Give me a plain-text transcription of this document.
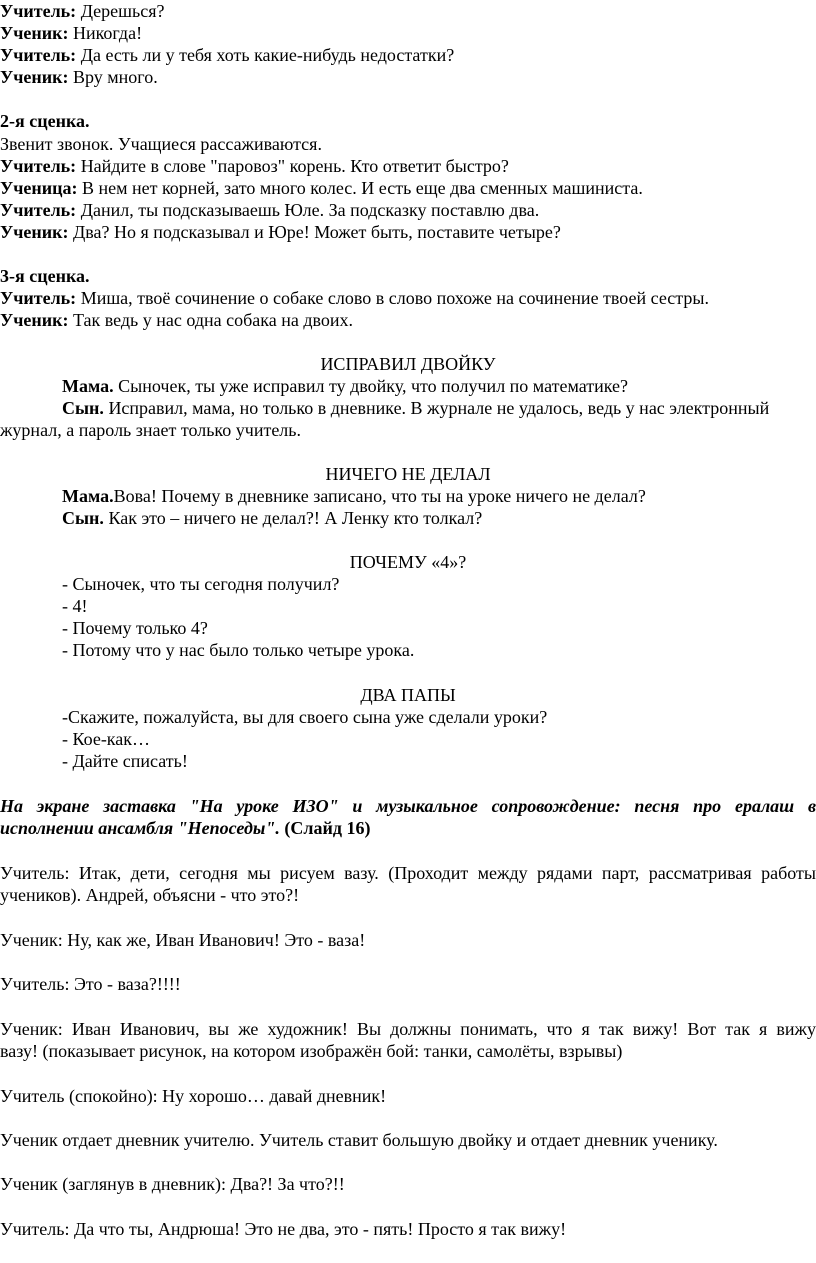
Учитель: Дерешься?
Ученик: Никогда!
Учитель: Да есть ли у тебя хоть какие-нибудь недостатки?
Ученик: Вру много.
2-я сценка.
Звенит звонок. Учащиеся рассаживаются.
Учитель: Найдите в слове "паровоз" корень. Кто ответит быстро?
Ученица: В нем нет корней, зато много колес. И есть еще два сменных машиниста.
Учитель: Данил, ты подсказываешь Юле. За подсказку поставлю два.
Ученик: Два? Но я подсказывал и Юре! Может быть, поставите четыре?
3-я сценка.
Учитель: Миша, твоё сочинение о собаке слово в слово похоже на сочинение твоей сестры.
Ученик: Так ведь у нас одна собака на двоих.
ИСПРАВИЛ ДВОЙКУ
Мама. Сыночек, ты уже исправил ту двойку, что получил по математике?
Сын. Исправил, мама, но только в дневнике. В журнале не удалось, ведь у нас электронный
журнал, а пароль знает только учитель.
НИЧЕГО НЕ ДЕЛАЛ
Мама.Вова! Почему в дневнике записано, что ты на уроке ничего не делал?
Сын. Как это – ничего не делал?! А Ленку кто толкал?
ПОЧЕМУ «4»?
- Сыночек, что ты сегодня получил?
- 4!
- Почему только 4?
- Потому что у нас было только четыре урока.
ДВА ПАПЫ
-Скажите, пожалуйста, вы для своего сына уже сделали уроки?
- Кое-как…
- Дайте списать!
На экране заставка "На уроке ИЗО" и музыкальное сопровождение: песня про ералаш в
исполнении ансамбля "Непоседы". (Слайд 16)
Учитель: Итак, дети, сегодня мы рисуем вазу. (Проходит между рядами парт, рассматривая работы
учеников). Андрей, объясни - что это?!
Ученик: Ну, как же, Иван Иванович! Это - ваза!
Учитель: Это - ваза?!!!!
Ученик: Иван Иванович, вы же художник! Вы должны понимать, что я так вижу! Вот так я вижу
вазу! (показывает рисунок, на котором изображён бой: танки, самолёты, взрывы)
Учитель (спокойно): Ну хорошо… давай дневник!
Ученик отдает дневник учителю. Учитель ставит большую двойку и отдает дневник ученику.
Ученик (заглянув в дневник): Два?! За что?!!
Учитель: Да что ты, Андрюша! Это не два, это - пять! Просто я так вижу!
